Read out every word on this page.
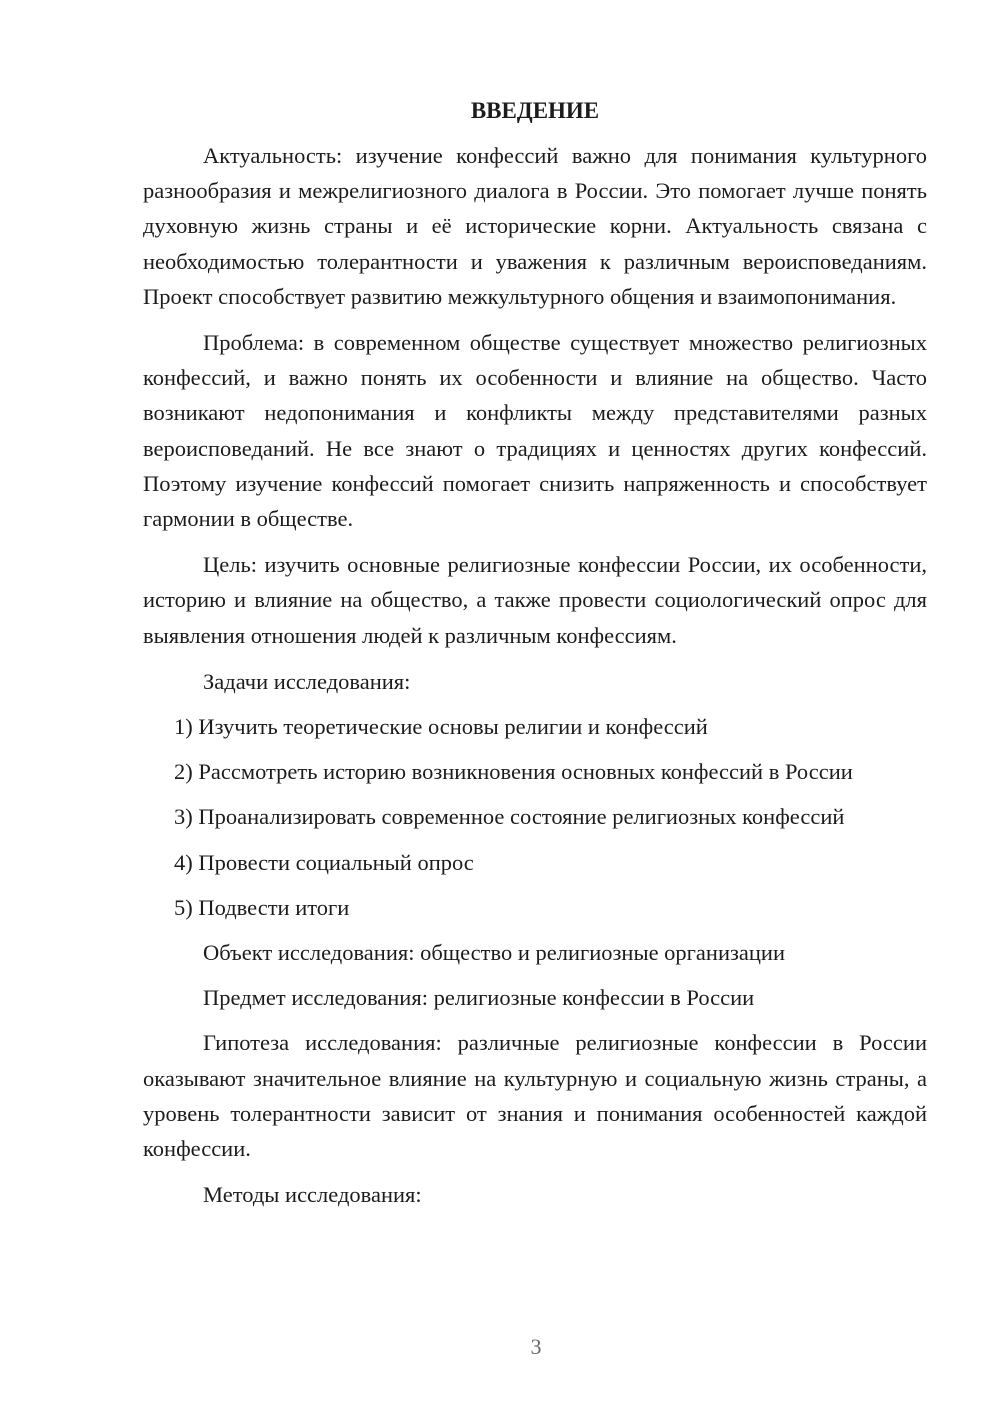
ВВЕДЕНИЕ

Актуальность: изучение конфессий важно для понимания культурного разнообразия и межрелигиозного диалога в России. Это помогает лучше понять духовную жизнь страны и её исторические корни. Актуальность связана с необходимостью толерантности и уважения к различным вероисповеданиям. Проект способствует развитию межкультурного общения и взаимопонимания.

Проблема: в современном обществе существует множество религиозных конфессий, и важно понять их особенности и влияние на общество. Часто возникают недопонимания и конфликты между представителями разных вероисповеданий. Не все знают о традициях и ценностях других конфессий. Поэтому изучение конфессий помогает снизить напряженность и способствует гармонии в обществе.

Цель: изучить основные религиозные конфессии России, их особенности, историю и влияние на общество, а также провести социологический опрос для выявления отношения людей к различным конфессиям.

Задачи исследования:
1) Изучить теоретические основы религии и конфессий
2) Рассмотреть историю возникновения основных конфессий в России
3) Проанализировать современное состояние религиозных конфессий
4) Провести социальный опрос
5) Подвести итоги
Объект исследования: общество и религиозные организации
Предмет исследования: религиозные конфессии в России

Гипотеза исследования: различные религиозные конфессии в России оказывают значительное влияние на культурную и социальную жизнь страны, а уровень толерантности зависит от знания и понимания особенностей каждой конфессии.

Методы исследования:
3
